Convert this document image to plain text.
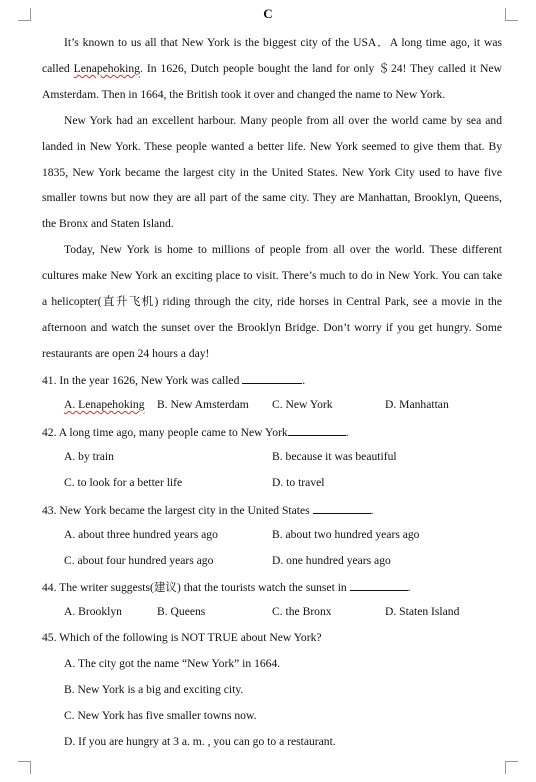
C

It’s known to us all that New York is the biggest city of the USA．A long time ago, it was called Lenapehoking. In 1626, Dutch people bought the land for only ＄24! They called it New Amsterdam. Then in 1664, the British took it over and changed the name to New York.

New York had an excellent harbour. Many people from all over the world came by sea and landed in New York. These people wanted a better life. New York seemed to give them that. By 1835, New York became the largest city in the United States. New York City used to have five smaller towns but now they are all part of the same city. They are Manhattan, Brooklyn, Queens, the Bronx and Staten Island.

Today, New York is home to millions of people from all over the world. These different cultures make New York an exciting place to visit. There’s much to do in New York. You can take a helicopter(直升飞机) riding through the city, ride horses in Central Park, see a movie in the afternoon and watch the sunset over the Brooklyn Bridge. Don’t worry if you get hungry. Some restaurants are open 24 hours a day!

41. In the year 1626, New York was called	.
A. Lenapehoking B. New Amsterdam C. New York	D. Manhattan
42. A long time ago, many people came to New York	.
A. by train	B. because it was beautiful
C. to look for a better life	D. to travel
43. New York became the largest city in the United States	.
A. about three hundred years ago	B. about two hundred years ago
C. about four hundred years ago	D. one hundred years ago
44. The writer suggests(建议) that the tourists watch the sunset in	.
A. Brooklyn	B. Queens	C. the Bronx	D. Staten Island
45. Which of the following is NOT TRUE about New York?
A. The city got the name “New York” in 1664.
B. New York is a big and exciting city.
C. New York has five smaller towns now.
D. If you are hungry at 3 a. m. , you can go to a restaurant.
